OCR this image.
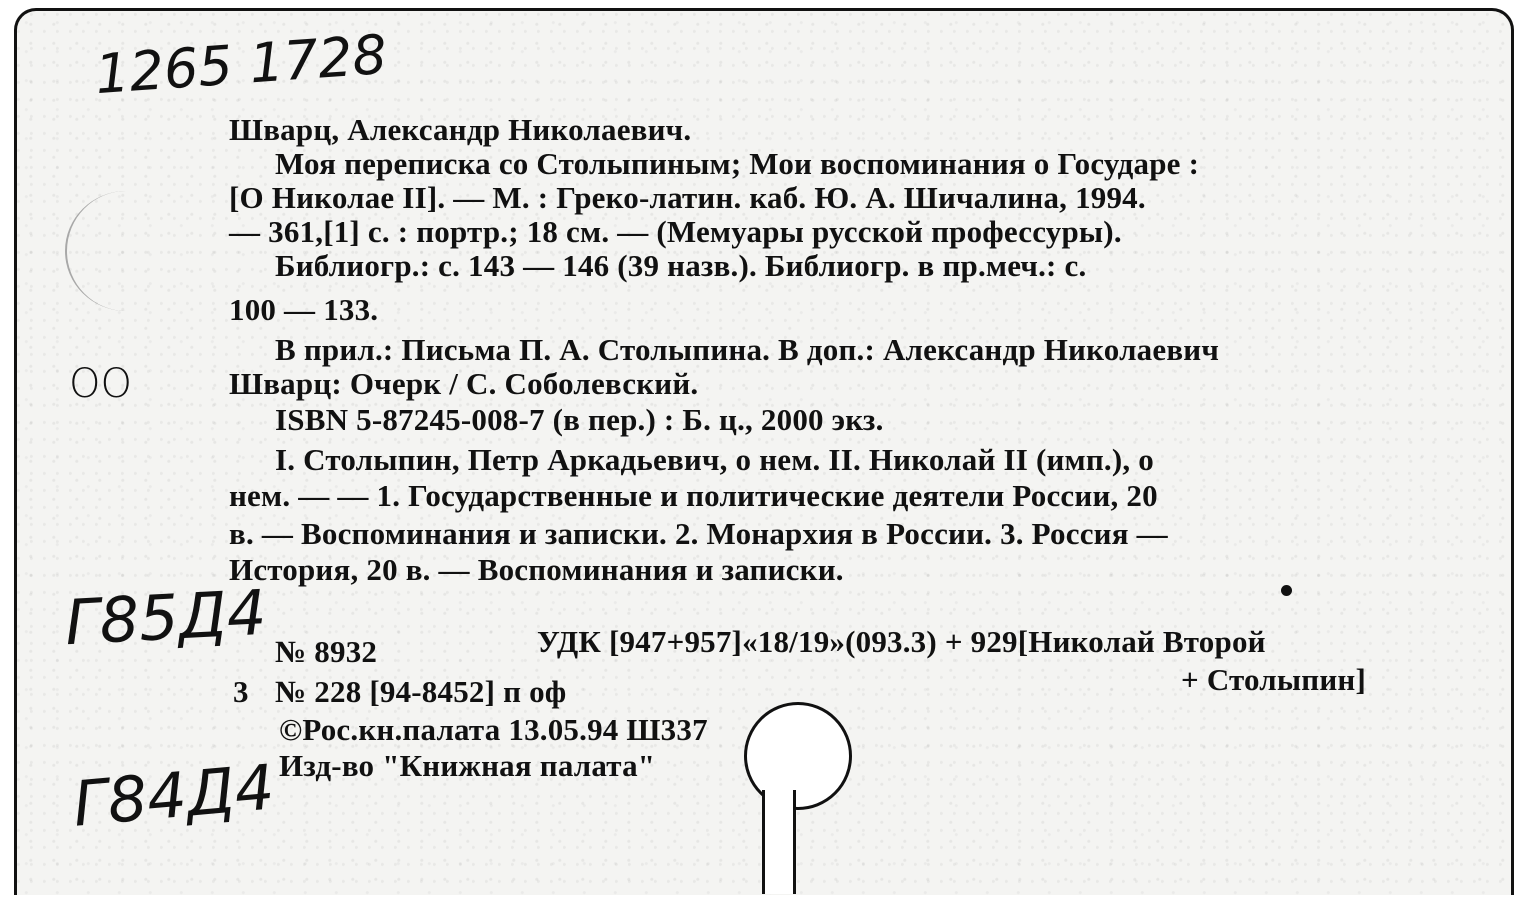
1265 1728
ОО
Г85Д4
Г84Д4
Шварц, Александр Николаевич.
Моя переписка со Столыпиным; Мои воспоминания о Государе :
[О Николае II]. — М. : Греко-латин. каб. Ю. А. Шичалина, 1994.
— 361,[1] с. : портр.; 18 см. — (Мемуары русской профессуры).
Библиогр.: с. 143 — 146 (39 назв.). Библиогр. в пр.меч.: с.
100 — 133.
В прил.: Письма П. А. Столыпина. В доп.: Александр Николаевич
Шварц: Очерк / С. Соболевский.
ISBN 5-87245-008-7 (в пер.) : Б. ц., 2000 экз.
I. Столыпин, Петр Аркадьевич, о нем. II. Николай II (имп.), о
нем. — — 1. Государственные и политические деятели России, 20
в. — Воспоминания и записки. 2. Монархия в России. 3. Россия —
История, 20 в. — Воспоминания и записки.
№ 8932	УДК [947+957]«18/19»(093.3) + 929[Николай Второй
3 № 228 [94-8452] п оф	+ Столыпин]
©Рос.кн.палата 13.05.94 Ш337
Изд-во "Книжная палата"
